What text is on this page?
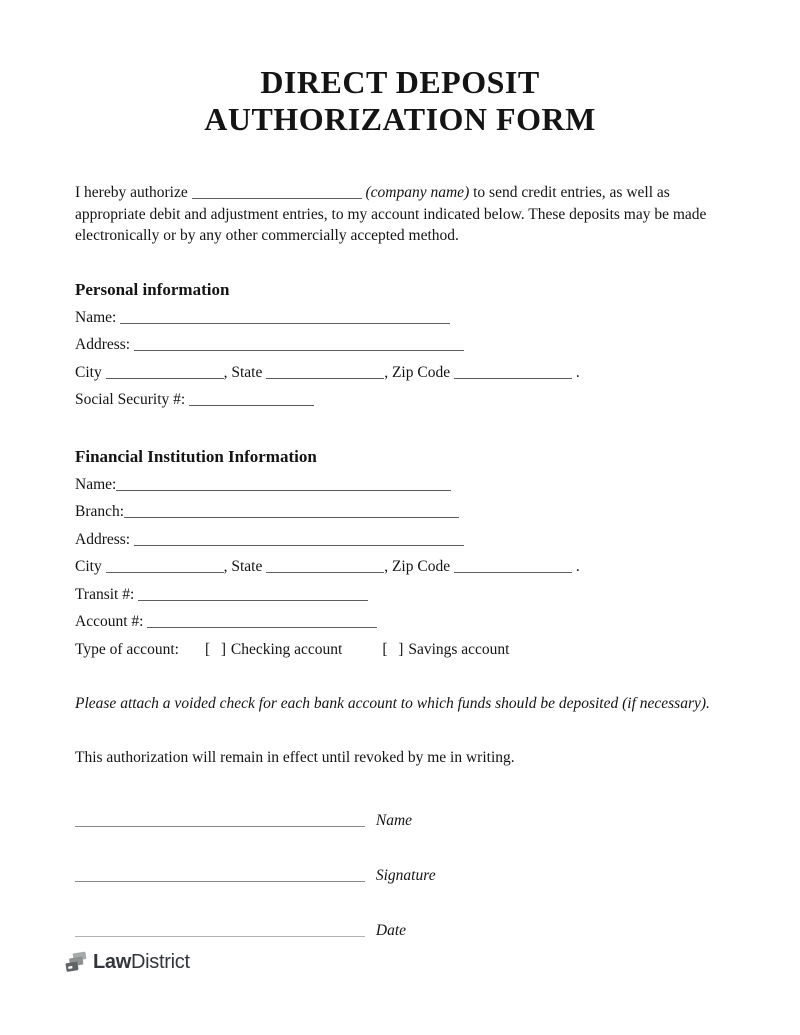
DIRECT DEPOSIT
AUTHORIZATION FORM

I hereby authorize	(company name) to send credit entries, as well as
appropriate debit and adjustment entries, to my account indicated below. These deposits may be made
electronically or by any other commercially accepted method.

Personal information
Name:
Address:
City	, State	, Zip Code	.
Social Security #:
Financial Institution Information
Name:
Branch:
Address:
City	, State	, Zip Code	.
Transit #:
Account #:
Type of account: [  ] Checking account	[  ] Savings account

Please attach a voided check for each bank account to which funds should be deposited (if necessary).

This authorization will remain in effect until revoked by me in writing.

Name
Signature
Date
LawDistrict
